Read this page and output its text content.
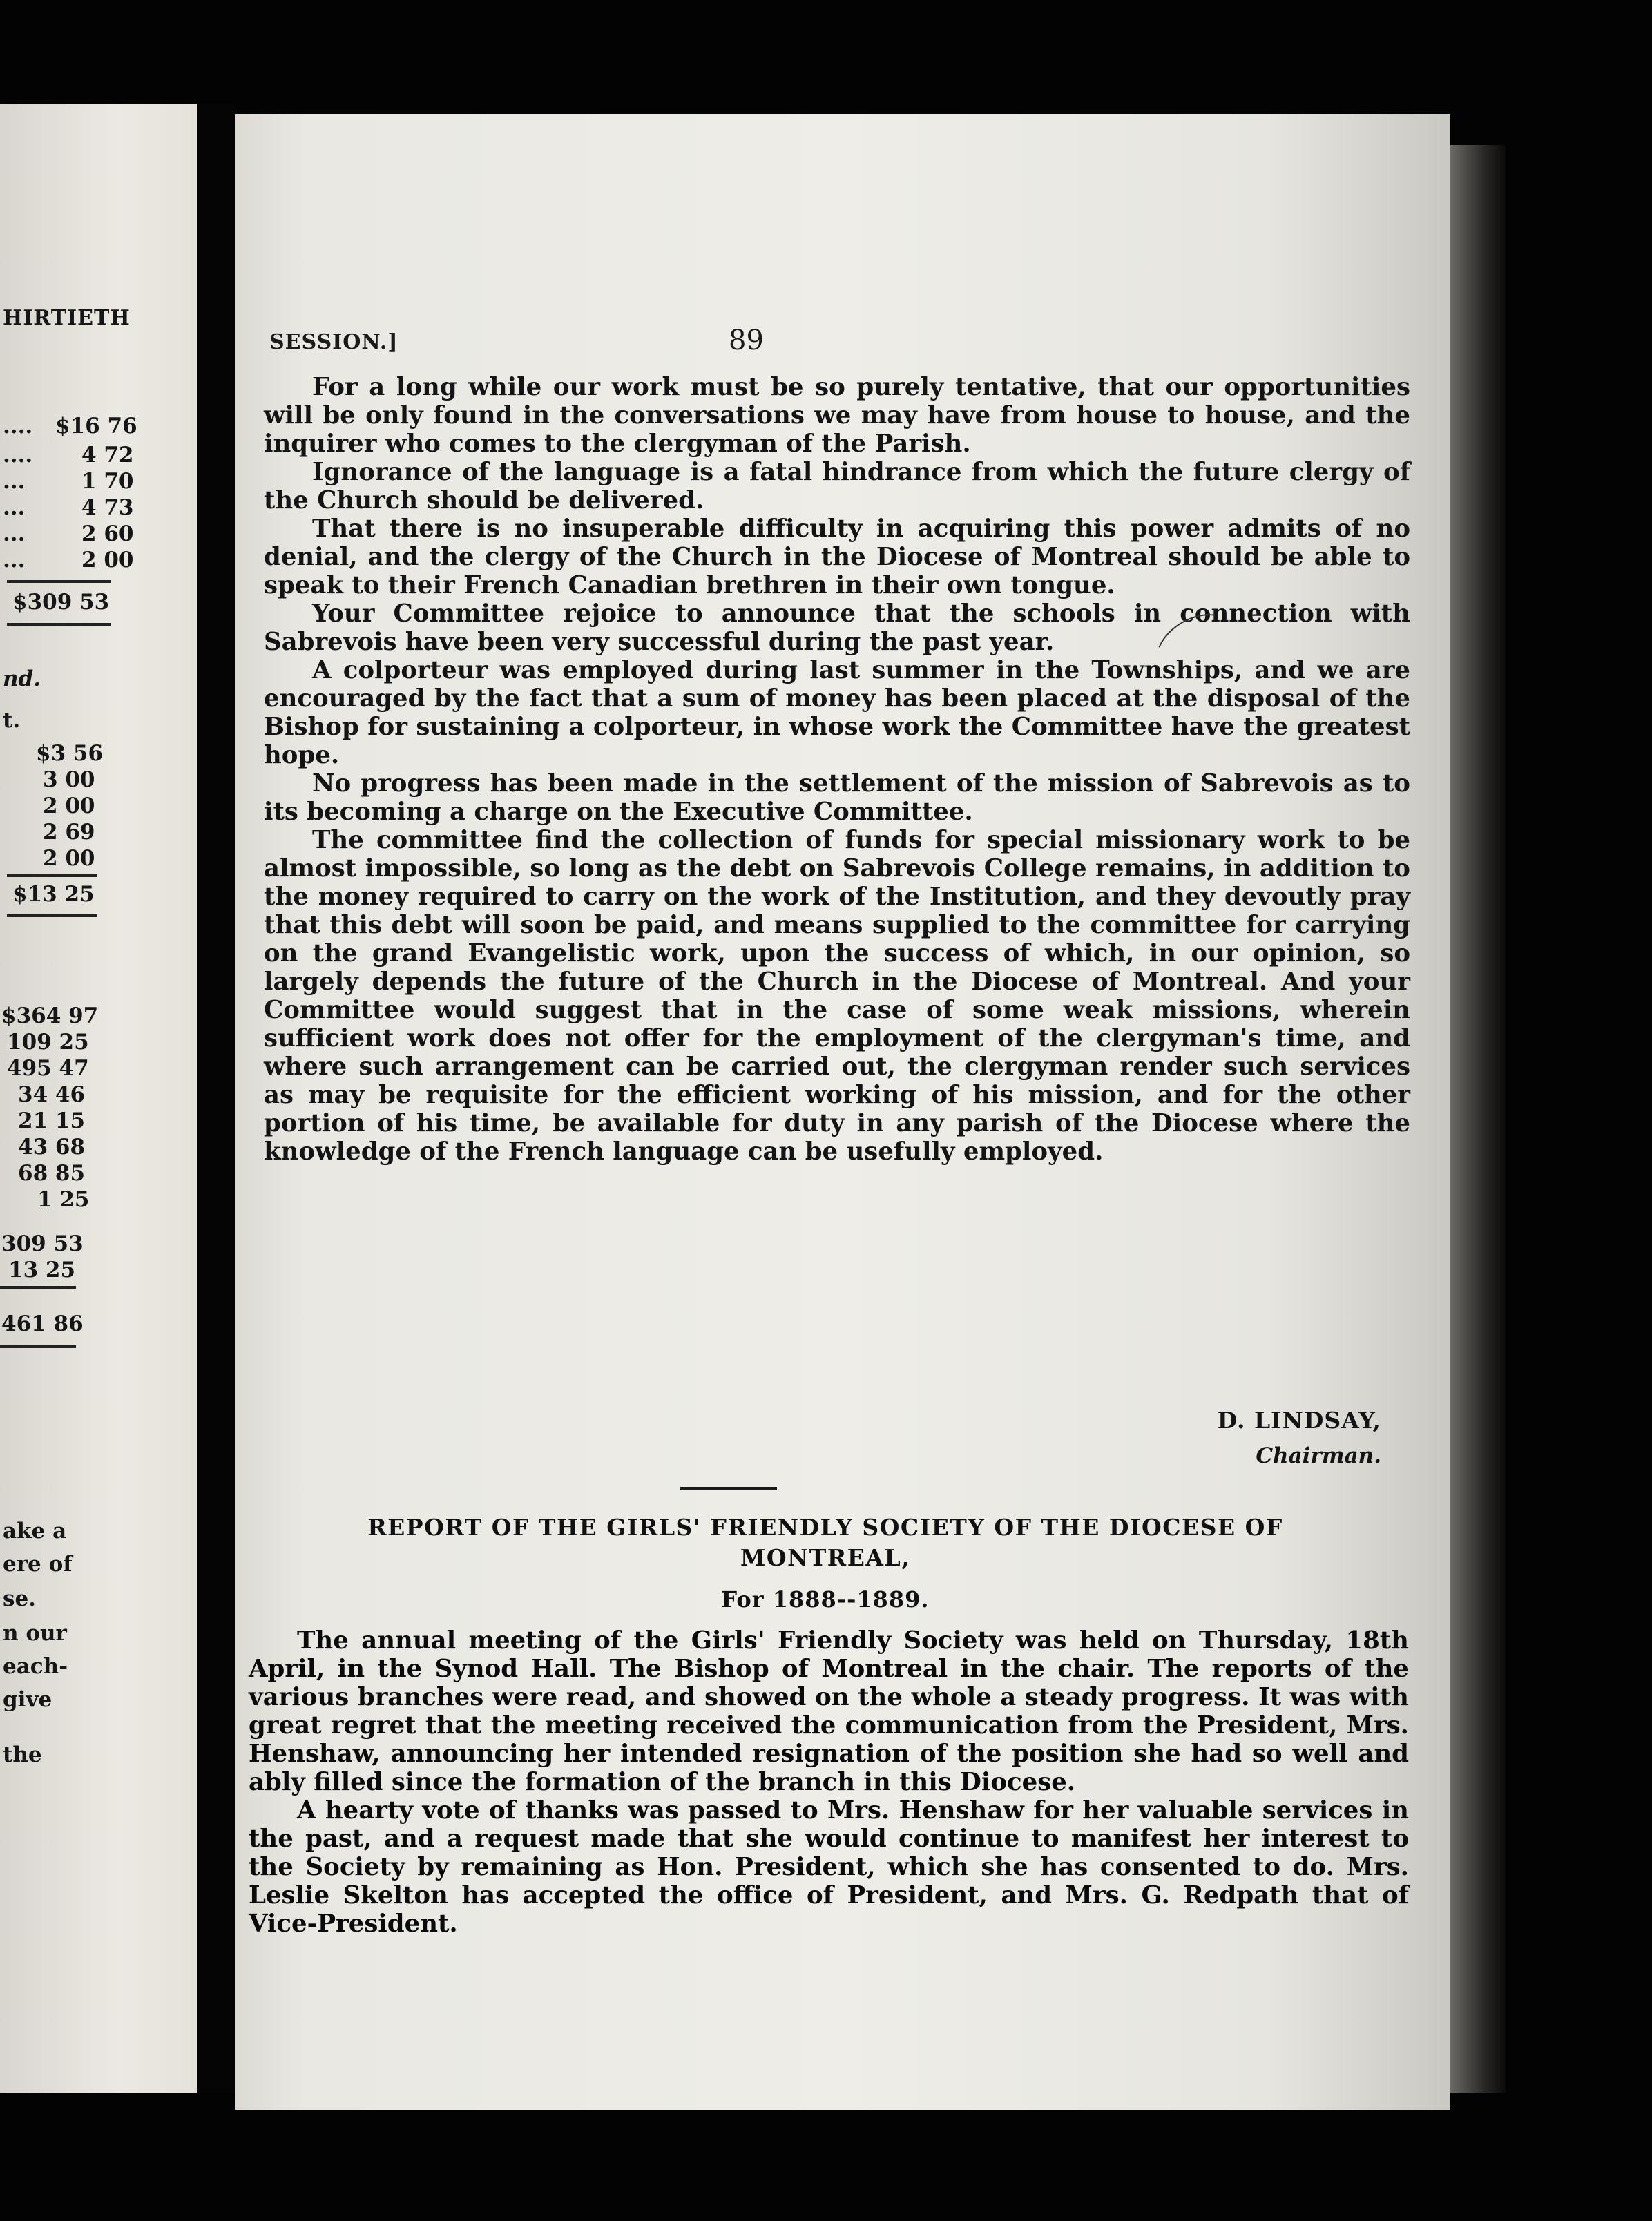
HIRTIETH
....
....
...
...
...
...
$16 76
4 72
1 70
4 73
2 60
2 00
$309 53
nd.
t.
$3 56
3 00
2 00
2 69
2 00
$13 25
$364 97
109 25
495 47
34 46
21 15
43 68
68 85
1 25
309 53
13 25
461 86
ake a
ere of
se.
n our
each-
give
the
SESSION.]	89

For a long while our work must be so purely tentative, that our opportunities will be only found in the conversations we may have from house to house, and the inquirer who comes to the clergyman of the Parish.

Ignorance of the language is a fatal hindrance from which the future clergy of the Church should be delivered.

That there is no insuperable difficulty in acquiring this power admits of no denial, and the clergy of the Church in the Diocese of Montreal should be able to speak to their French Canadian brethren in their own tongue.

Your Committee rejoice to announce that the schools in connection with Sabrevois have been very successful during the past year.

A colporteur was employed during last summer in the Townships, and we are encouraged by the fact that a sum of money has been placed at the disposal of the Bishop for sustaining a colporteur, in whose work the Committee have the greatest hope.

No progress has been made in the settlement of the mission of Sabrevois as to its becoming a charge on the Executive Committee.

The committee find the collection of funds for special missionary work to be almost impossible, so long as the debt on Sabrevois College remains, in addition to the money required to carry on the work of the Institution, and they devoutly pray that this debt will soon be paid, and means supplied to the committee for carrying on the grand Evangelistic work, upon the success of which, in our opinion, so largely depends the future of the Church in the Diocese of Montreal. And your Committee would suggest that in the case of some weak missions, wherein sufficient work does not offer for the employment of the clergyman's time, and where such arrangement can be carried out, the clergyman render such services as may be requisite for the efficient working of his mission, and for the other portion of his time, be available for duty in any parish of the Diocese where the knowledge of the French language can be usefully employed.

D. LINDSAY,
Chairman.
REPORT OF THE GIRLS' FRIENDLY SOCIETY OF THE DIOCESE OF
MONTREAL,
For 1888--1889.

The annual meeting of the Girls' Friendly Society was held on Thursday, 18th April, in the Synod Hall. The Bishop of Montreal in the chair. The reports of the various branches were read, and showed on the whole a steady progress. It was with great regret that the meeting received the communication from the President, Mrs. Henshaw, announcing her intended resignation of the position she had so well and ably filled since the formation of the branch in this Diocese.

A hearty vote of thanks was passed to Mrs. Henshaw for her valuable services in the past, and a request made that she would continue to manifest her interest to the Society by remaining as Hon. President, which she has consented to do. Mrs. Leslie Skelton has accepted the office of President, and Mrs. G. Redpath that of Vice-President.
